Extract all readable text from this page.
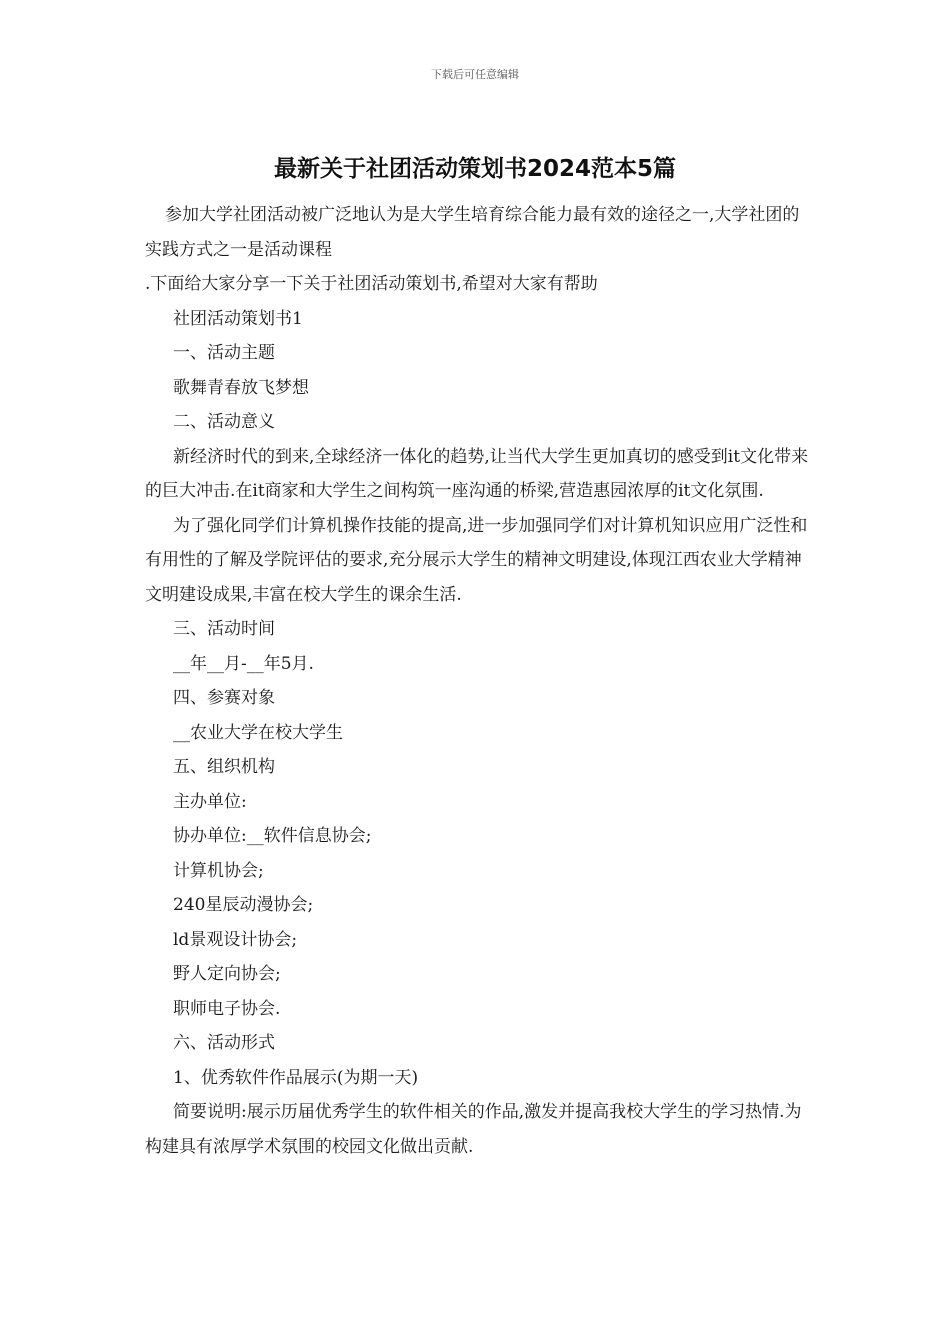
下载后可任意编辑
最新关于社团活动策划书2024范本5篇

参加大学社团活动被广泛地认为是大学生培育综合能力最有效的途径之一,大学社团的实践方式之一是活动课程

.下面给大家分享一下关于社团活动策划书,希望对大家有帮助

社团活动策划书1

一、活动主题

歌舞青春放飞梦想

二、活动意义

新经济时代的到来,全球经济一体化的趋势,让当代大学生更加真切的感受到it文化带来的巨大冲击.在it商家和大学生之间构筑一座沟通的桥梁,营造惠园浓厚的it文化氛围.

为了强化同学们计算机操作技能的提高,进一步加强同学们对计算机知识应用广泛性和有用性的了解及学院评估的要求,充分展示大学生的精神文明建设,体现江西农业大学精神文明建设成果,丰富在校大学生的课余生活.

三、活动时间

__年__月-__年5月.

四、参赛对象

__农业大学在校大学生

五、组织机构

主办单位:

协办单位:__软件信息协会;

计算机协会;

240星辰动漫协会;

ld景观设计协会;

野人定向协会;

职师电子协会.

六、活动形式

1、优秀软件作品展示(为期一天)

简要说明:展示历届优秀学生的软件相关的作品,激发并提高我校大学生的学习热情.为构建具有浓厚学术氛围的校园文化做出贡献.
